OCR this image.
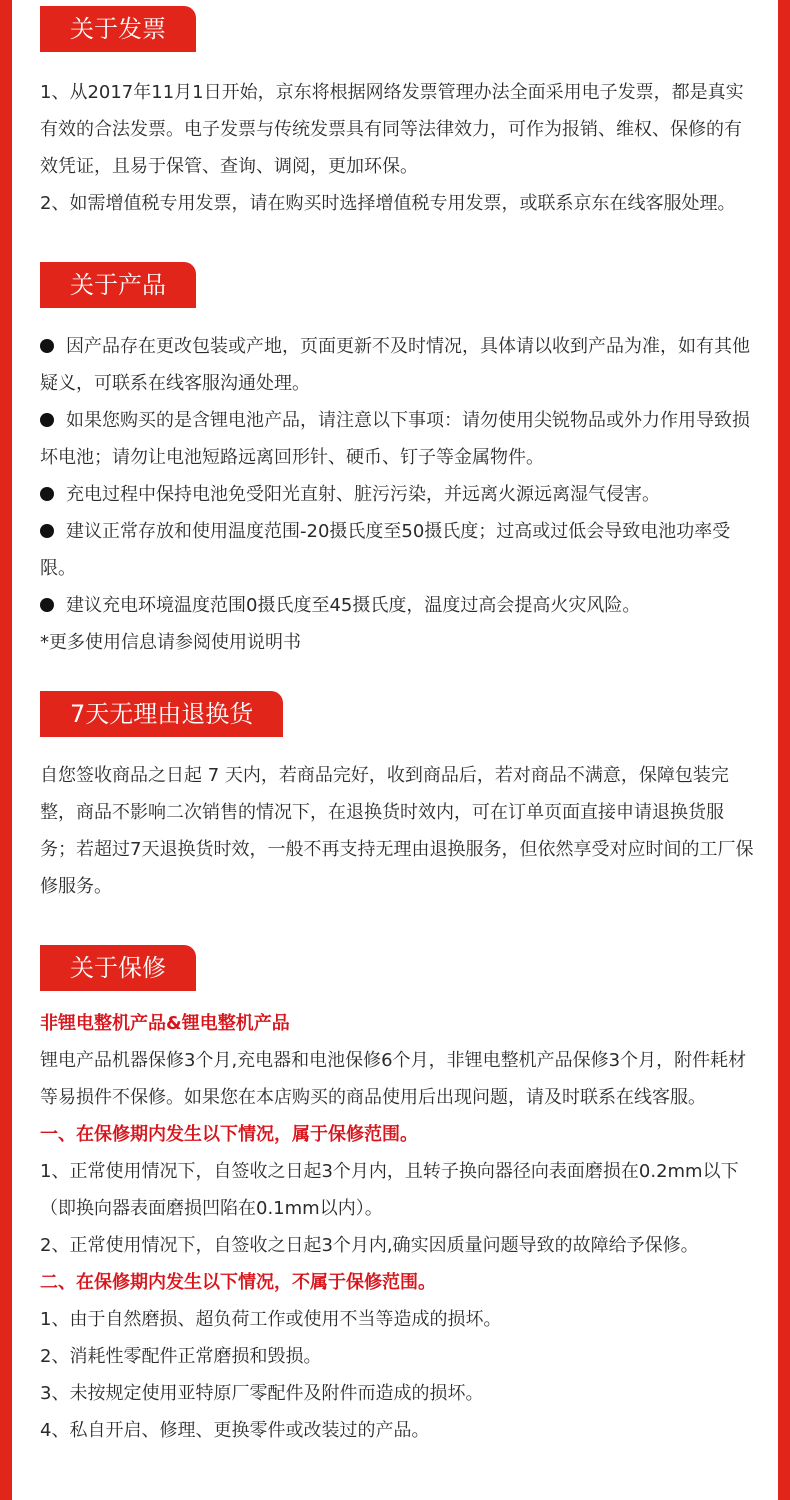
关于发票

1、从2017年11月1日开始，京东将根据网络发票管理办法全面采用电子发票，都是真实有效的合法发票。电子发票与传统发票具有同等法律效力，可作为报销、维权、保修的有效凭证，且易于保管、查询、调阅，更加环保。

2、如需增值税专用发票，请在购买时选择增值税专用发票，或联系京东在线客服处理。

关于产品

因产品存在更改包装或产地，页面更新不及时情况，具体请以收到产品为准，如有其他疑义，可联系在线客服沟通处理。

如果您购买的是含锂电池产品，请注意以下事项：请勿使用尖锐物品或外力作用导致损坏电池；请勿让电池短路远离回形针、硬币、钉子等金属物件。

充电过程中保持电池免受阳光直射、脏污污染，并远离火源远离湿气侵害。

建议正常存放和使用温度范围-20摄氏度至50摄氏度；过高或过低会导致电池功率受限。

建议充电环境温度范围0摄氏度至45摄氏度，温度过高会提高火灾风险。

*更多使用信息请参阅使用说明书

7天无理由退换货

自您签收商品之日起 7 天内，若商品完好，收到商品后，若对商品不满意，保障包装完整，商品不影响二次销售的情况下，在退换货时效内，可在订单页面直接申请退换货服务；若超过7天退换货时效，一般不再支持无理由退换服务，但依然享受对应时间的工厂保修服务。

关于保修

非锂电整机产品&锂电整机产品

锂电产品机器保修3个月,充电器和电池保修6个月，非锂电整机产品保修3个月，附件耗材等易损件不保修。如果您在本店购买的商品使用后出现问题，请及时联系在线客服。

一、在保修期内发生以下情况，属于保修范围。

1、正常使用情况下，自签收之日起3个月内，且转子换向器径向表面磨损在0.2mm以下（即换向器表面磨损凹陷在0.1mm以内）。

2、正常使用情况下，自签收之日起3个月内,确实因质量问题导致的故障给予保修。

二、在保修期内发生以下情况，不属于保修范围。

1、由于自然磨损、超负荷工作或使用不当等造成的损坏。

2、消耗性零配件正常磨损和毁损。

3、未按规定使用亚特原厂零配件及附件而造成的损坏。

4、私自开启、修理、更换零件或改装过的产品。
